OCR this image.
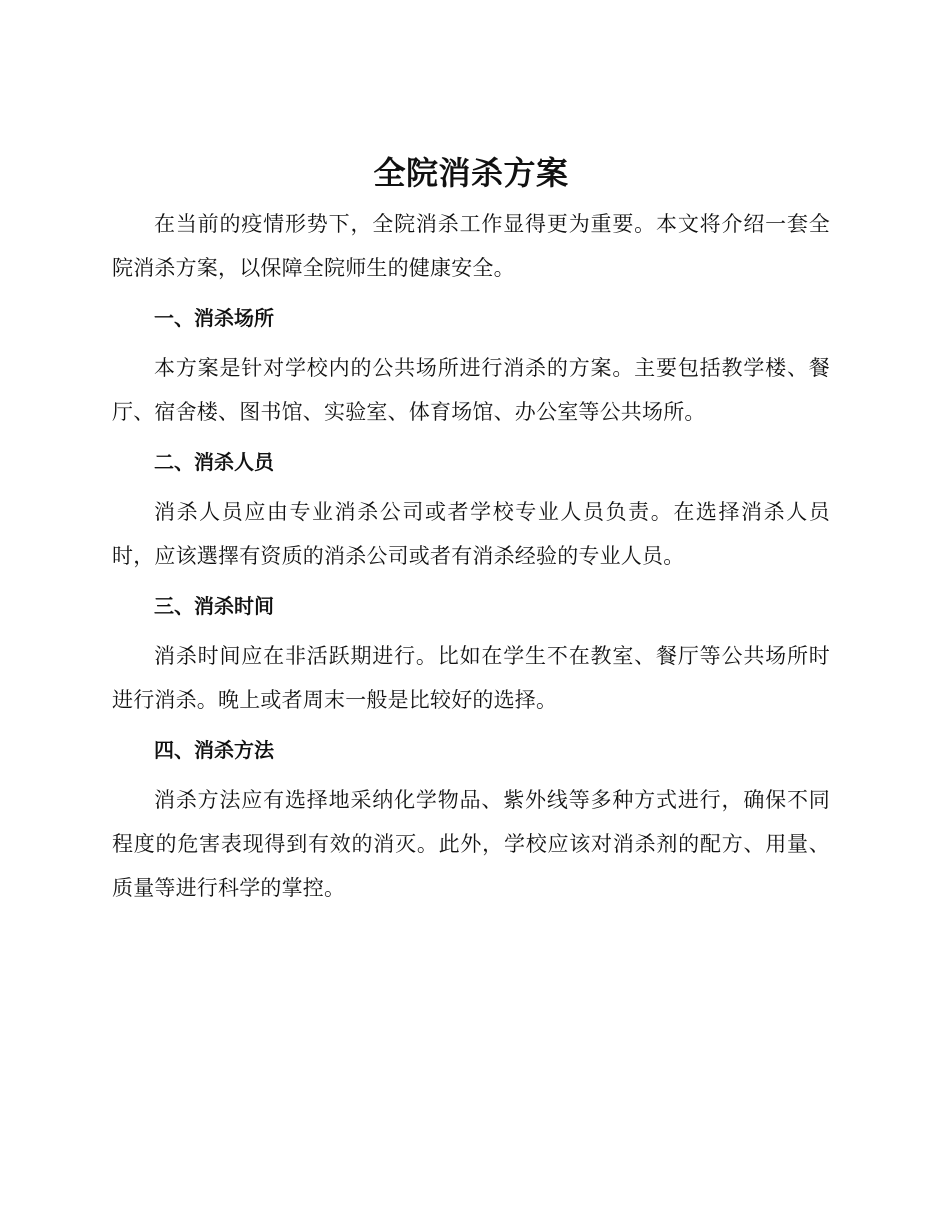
全院消杀方案

在当前的疫情形势下，全院消杀工作显得更为重要。本文将介绍一套全院消杀方案，以保障全院师生的健康安全。

一、消杀场所

本方案是针对学校内的公共场所进行消杀的方案。主要包括教学楼、餐厅、宿舍楼、图书馆、实验室、体育场馆、办公室等公共场所。

二、消杀人员

消杀人员应由专业消杀公司或者学校专业人员负责。在选择消杀人员时，应该選擇有资质的消杀公司或者有消杀经验的专业人员。

三、消杀时间

消杀时间应在非活跃期进行。比如在学生不在教室、餐厅等公共场所时进行消杀。晚上或者周末一般是比较好的选择。

四、消杀方法

消杀方法应有选择地采纳化学物品、紫外线等多种方式进行，确保不同程度的危害表现得到有效的消灭。此外，学校应该对消杀剂的配方、用量、质量等进行科学的掌控。
